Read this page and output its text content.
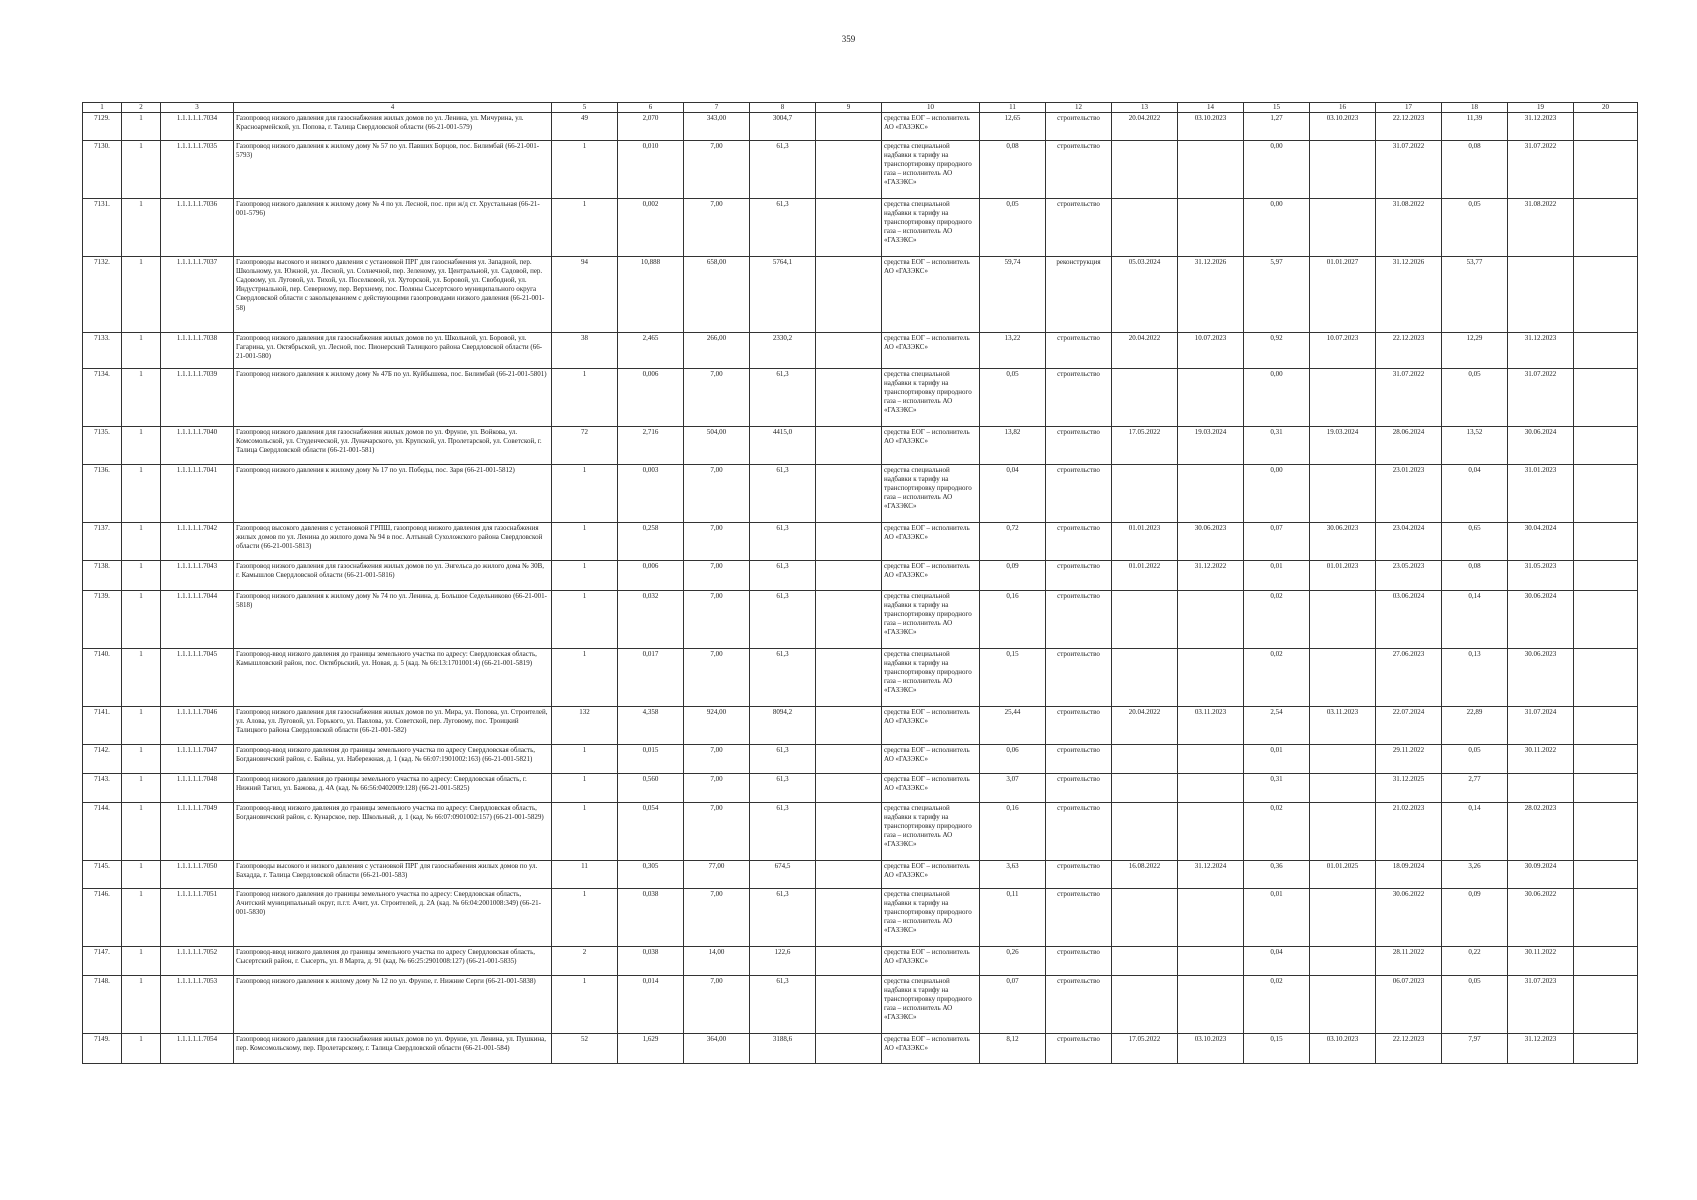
359
1	2	3	4	5	6	7	8	9	10	11	12	13	14	15	16	17	18	19	20
7129.	1	1.1.1.1.1.7034	Газопровод низкого давления для газоснабжения жилых домов по ул. Ленина, ул. Мичурина, ул. Красноармейской, ул. Попова, г. Талица Свердловской области (66-21-001-579)	49	2,070	343,00	3004,7		средства ЕОГ – исполнитель АО «ГАЗЭКС»	12,65	строительство	20.04.2022	03.10.2023	1,27	03.10.2023	22.12.2023	11,39	31.12.2023	
7130.	1	1.1.1.1.1.7035	Газопровод низкого давления к жилому дому № 57 по ул. Павших Борцов, пос. Билимбай (66-21-001-5793)	1	0,010	7,00	61,3		средства специальной надбавки к тарифу на транспортировку природного газа – исполнитель АО «ГАЗЭКС»	0,08	строительство			0,00		31.07.2022	0,08	31.07.2022	
7131.	1	1.1.1.1.1.7036	Газопровод низкого давления к жилому дому № 4 по ул. Лесной, пос. при ж/д ст. Хрустальная (66-21-001-5796)	1	0,002	7,00	61,3		средства специальной надбавки к тарифу на транспортировку природного газа – исполнитель АО «ГАЗЭКС»	0,05	строительство			0,00		31.08.2022	0,05	31.08.2022	
7132.	1	1.1.1.1.1.7037	Газопроводы высокого и низкого давления с установкой ПРГ для газоснабжения ул. Западной, пер. Школьному, ул. Южной, ул. Лесной, ул. Солнечной, пер. Зеленому, ул. Центральной, ул. Садовой, пер. Садовому, ул. Луговой, ул. Тихой, ул. Поселковой, ул. Хуторской, ул. Боровой, ул. Свободной, ул. Индустриальной, пер. Северному, пер. Верхнему, пос. Поляны Сысертского муниципального округа Свердловской области с закольцеванием с действующими газопроводами низкого давления (66-21-001-58)	94	10,888	658,00	5764,1		средства ЕОГ – исполнитель АО «ГАЗЭКС»	59,74	реконструкция	05.03.2024	31.12.2026	5,97	01.01.2027	31.12.2026	53,77		
7133.	1	1.1.1.1.1.7038	Газопровод низкого давления для газоснабжения жилых домов по ул. Школьной, ул. Боровой, ул. Гагарина, ул. Октябрьской, ул. Лесной, пос. Пионерский Талицкого района Свердловской области (66-21-001-580)	38	2,465	266,00	2330,2		средства ЕОГ – исполнитель АО «ГАЗЭКС»	13,22	строительство	20.04.2022	10.07.2023	0,92	10.07.2023	22.12.2023	12,29	31.12.2023	
7134.	1	1.1.1.1.1.7039	Газопровод низкого давления к жилому дому № 47Б по ул. Куйбышева, пос. Билимбай (66-21-001-5801)	1	0,006	7,00	61,3		средства специальной надбавки к тарифу на транспортировку природного газа – исполнитель АО «ГАЗЭКС»	0,05	строительство			0,00		31.07.2022	0,05	31.07.2022	
7135.	1	1.1.1.1.1.7040	Газопровод низкого давления для газоснабжения жилых домов по ул. Фрунзе, ул. Войкова, ул. Комсомольской, ул. Студенческой, ул. Луначарского, ул. Крупской, ул. Пролетарской, ул. Советской, г. Талица Свердловской области (66-21-001-581)	72	2,716	504,00	4415,0		средства ЕОГ – исполнитель АО «ГАЗЭКС»	13,82	строительство	17.05.2022	19.03.2024	0,31	19.03.2024	28.06.2024	13,52	30.06.2024	
7136.	1	1.1.1.1.1.7041	Газопровод низкого давления к жилому дому № 17 по ул. Победы, пос. Заря (66-21-001-5812)	1	0,003	7,00	61,3		средства специальной надбавки к тарифу на транспортировку природного газа – исполнитель АО «ГАЗЭКС»	0,04	строительство			0,00		23.01.2023	0,04	31.01.2023	
7137.	1	1.1.1.1.1.7042	Газопровод высокого давления с установкой ГРПШ, газопровод низкого давления для газоснабжения жилых домов по ул. Ленина до жилого дома № 94 в пос. Алтынай Сухоложского района Свердловской области (66-21-001-5813)	1	0,258	7,00	61,3		средства ЕОГ – исполнитель АО «ГАЗЭКС»	0,72	строительство	01.01.2023	30.06.2023	0,07	30.06.2023	23.04.2024	0,65	30.04.2024	
7138.	1	1.1.1.1.1.7043	Газопровод низкого давления для газоснабжения жилых домов по ул. Энгельса до жилого дома № 30В, г. Камышлов Свердловской области (66-21-001-5816)	1	0,006	7,00	61,3		средства ЕОГ – исполнитель АО «ГАЗЭКС»	0,09	строительство	01.01.2022	31.12.2022	0,01	01.01.2023	23.05.2023	0,08	31.05.2023	
7139.	1	1.1.1.1.1.7044	Газопровод низкого давления к жилому дому № 74 по ул. Ленина, д. Большое Седельниково (66-21-001-5818)	1	0,032	7,00	61,3		средства специальной надбавки к тарифу на транспортировку природного газа – исполнитель АО «ГАЗЭКС»	0,16	строительство			0,02		03.06.2024	0,14	30.06.2024	
7140.	1	1.1.1.1.1.7045	Газопровод-ввод низкого давления до границы земельного участка по адресу: Свердловская область, Камышловский район, пос. Октябрьский, ул. Новая, д. 5 (кад. № 66:13:1701001:4) (66-21-001-5819)	1	0,017	7,00	61,3		средства специальной надбавки к тарифу на транспортировку природного газа – исполнитель АО «ГАЗЭКС»	0,15	строительство			0,02		27.06.2023	0,13	30.06.2023	
7141.	1	1.1.1.1.1.7046	Газопровод низкого давления для газоснабжения жилых домов по ул. Мира, ул. Попова, ул. Строителей, ул. Алова, ул. Луговой, ул. Горького, ул. Павлова, ул. Советской, пер. Луговому, пос. Троицкий Талицкого района Свердловской области (66-21-001-582)	132	4,358	924,00	8094,2		средства ЕОГ – исполнитель АО «ГАЗЭКС»	25,44	строительство	20.04.2022	03.11.2023	2,54	03.11.2023	22.07.2024	22,89	31.07.2024	
7142.	1	1.1.1.1.1.7047	Газопровод-ввод низкого давления до границы земельного участка по адресу Свердловская область, Богдановичский район, с. Байны, ул. Набережная, д. 1 (кад. № 66:07:1901002:163) (66-21-001-5821)	1	0,015	7,00	61,3		средства ЕОГ – исполнитель АО «ГАЗЭКС»	0,06	строительство			0,01		29.11.2022	0,05	30.11.2022	
7143.	1	1.1.1.1.1.7048	Газопровод низкого давления до границы земельного участка по адресу: Свердловская область, г. Нижний Тагил, ул. Бажова, д. 4А (кад. № 66:56:0402009:128) (66-21-001-5825)	1	0,560	7,00	61,3		средства ЕОГ – исполнитель АО «ГАЗЭКС»	3,07	строительство			0,31		31.12.2025	2,77		
7144.	1	1.1.1.1.1.7049	Газопровод-ввод низкого давления до границы земельного участка по адресу: Свердловская область, Богдановичский район, с. Кунарское, пер. Школьный, д. 1 (кад. № 66:07:0901002:157) (66-21-001-5829)	1	0,054	7,00	61,3		средства специальной надбавки к тарифу на транспортировку природного газа – исполнитель АО «ГАЗЭКС»	0,16	строительство			0,02		21.02.2023	0,14	28.02.2023	
7145.	1	1.1.1.1.1.7050	Газопроводы высокого и низкого давления с установкой ПРГ для газоснабжения жилых домов по ул. Бахадда, г. Талица Свердловской области (66-21-001-583)	11	0,305	77,00	674,5		средства ЕОГ – исполнитель АО «ГАЗЭКС»	3,63	строительство	16.08.2022	31.12.2024	0,36	01.01.2025	18.09.2024	3,26	30.09.2024	
7146.	1	1.1.1.1.1.7051	Газопровод низкого давления до границы земельного участка по адресу: Свердловская область, Ачитский муниципальный округ, п.г.т. Ачит, ул. Строителей, д. 2А (кад. № 66:04:2001008:349) (66-21-001-5830)	1	0,038	7,00	61,3		средства специальной надбавки к тарифу на транспортировку природного газа – исполнитель АО «ГАЗЭКС»	0,11	строительство			0,01		30.06.2022	0,09	30.06.2022	
7147.	1	1.1.1.1.1.7052	Газопровод-ввод низкого давления до границы земельного участка по адресу Свердловская область, Сысертский район, г. Сысерть, ул. 8 Марта, д. 91 (кад. № 66:25:2901008:127) (66-21-001-5835)	2	0,038	14,00	122,6		средства ЕОГ – исполнитель АО «ГАЗЭКС»	0,26	строительство			0,04		28.11.2022	0,22	30.11.2022	
7148.	1	1.1.1.1.1.7053	Газопровод низкого давления к жилому дому № 12 по ул. Фрунзе, г. Нижние Серги (66-21-001-5838)	1	0,014	7,00	61,3		средства специальной надбавки к тарифу на транспортировку природного газа – исполнитель АО «ГАЗЭКС»	0,07	строительство			0,02		06.07.2023	0,05	31.07.2023	
7149.	1	1.1.1.1.1.7054	Газопровод низкого давления для газоснабжения жилых домов по ул. Фрунзе, ул. Ленина, ул. Пушкина, пер. Комсомольскому, пер. Пролетарскому, г. Талица Свердловской области (66-21-001-584)	52	1,629	364,00	3188,6		средства ЕОГ – исполнитель АО «ГАЗЭКС»	8,12	строительство	17.05.2022	03.10.2023	0,15	03.10.2023	22.12.2023	7,97	31.12.2023	
